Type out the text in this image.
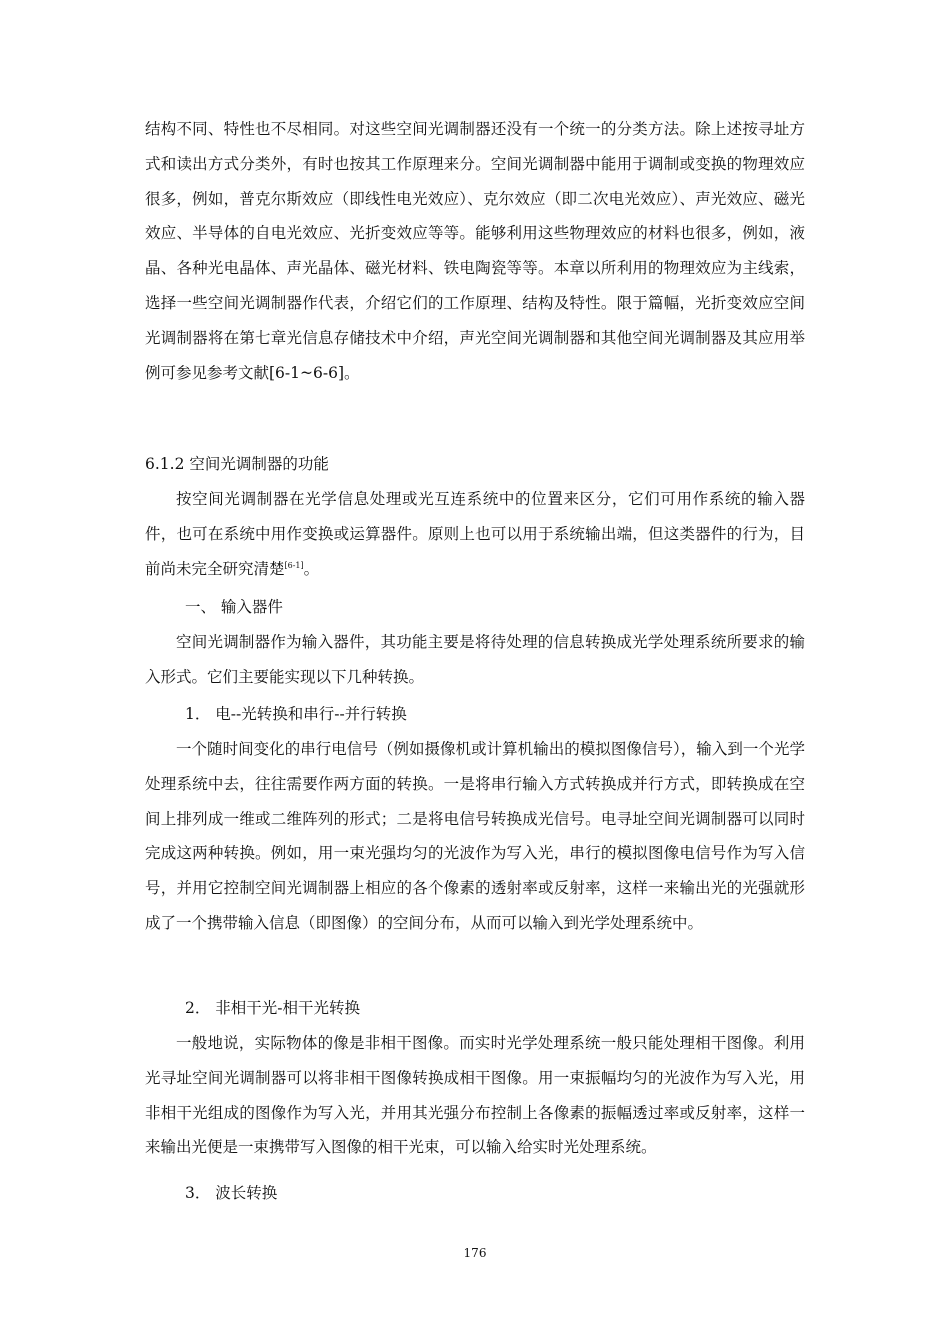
结构不同、特性也不尽相同。对这些空间光调制器还没有一个统一的分类方法。除上述按寻址方式和读出方式分类外，有时也按其工作原理来分。空间光调制器中能用于调制或变换的物理效应很多，例如，普克尔斯效应（即线性电光效应）、克尔效应（即二次电光效应）、声光效应、磁光效应、半导体的自电光效应、光折变效应等等。能够利用这些物理效应的材料也很多，例如，液晶、各种光电晶体、声光晶体、磁光材料、铁电陶瓷等等。本章以所利用的物理效应为主线索，选择一些空间光调制器作代表，介绍它们的工作原理、结构及特性。限于篇幅，光折变效应空间光调制器将在第七章光信息存储技术中介绍，声光空间光调制器和其他空间光调制器及其应用举例可参见参考文献[6-1~6-6]。

6.1.2 空间光调制器的功能

按空间光调制器在光学信息处理或光互连系统中的位置来区分，它们可用作系统的输入器件，也可在系统中用作变换或运算器件。原则上也可以用于系统输出端，但这类器件的行为，目前尚未完全研究清楚[6-1]。

一、 输入器件

空间光调制器作为输入器件，其功能主要是将待处理的信息转换成光学处理系统所要求的输入形式。它们主要能实现以下几种转换。

1． 电--光转换和串行--并行转换

一个随时间变化的串行电信号（例如摄像机或计算机输出的模拟图像信号），输入到一个光学处理系统中去，往往需要作两方面的转换。一是将串行输入方式转换成并行方式，即转换成在空间上排列成一维或二维阵列的形式；二是将电信号转换成光信号。电寻址空间光调制器可以同时完成这两种转换。例如，用一束光强均匀的光波作为写入光，串行的模拟图像电信号作为写入信号，并用它控制空间光调制器上相应的各个像素的透射率或反射率，这样一来输出光的光强就形成了一个携带输入信息（即图像）的空间分布，从而可以输入到光学处理系统中。

2． 非相干光-相干光转换

一般地说，实际物体的像是非相干图像。而实时光学处理系统一般只能处理相干图像。利用光寻址空间光调制器可以将非相干图像转换成相干图像。用一束振幅均匀的光波作为写入光，用非相干光组成的图像作为写入光，并用其光强分布控制上各像素的振幅透过率或反射率，这样一来输出光便是一束携带写入图像的相干光束，可以输入给实时光处理系统。

3． 波长转换

176
